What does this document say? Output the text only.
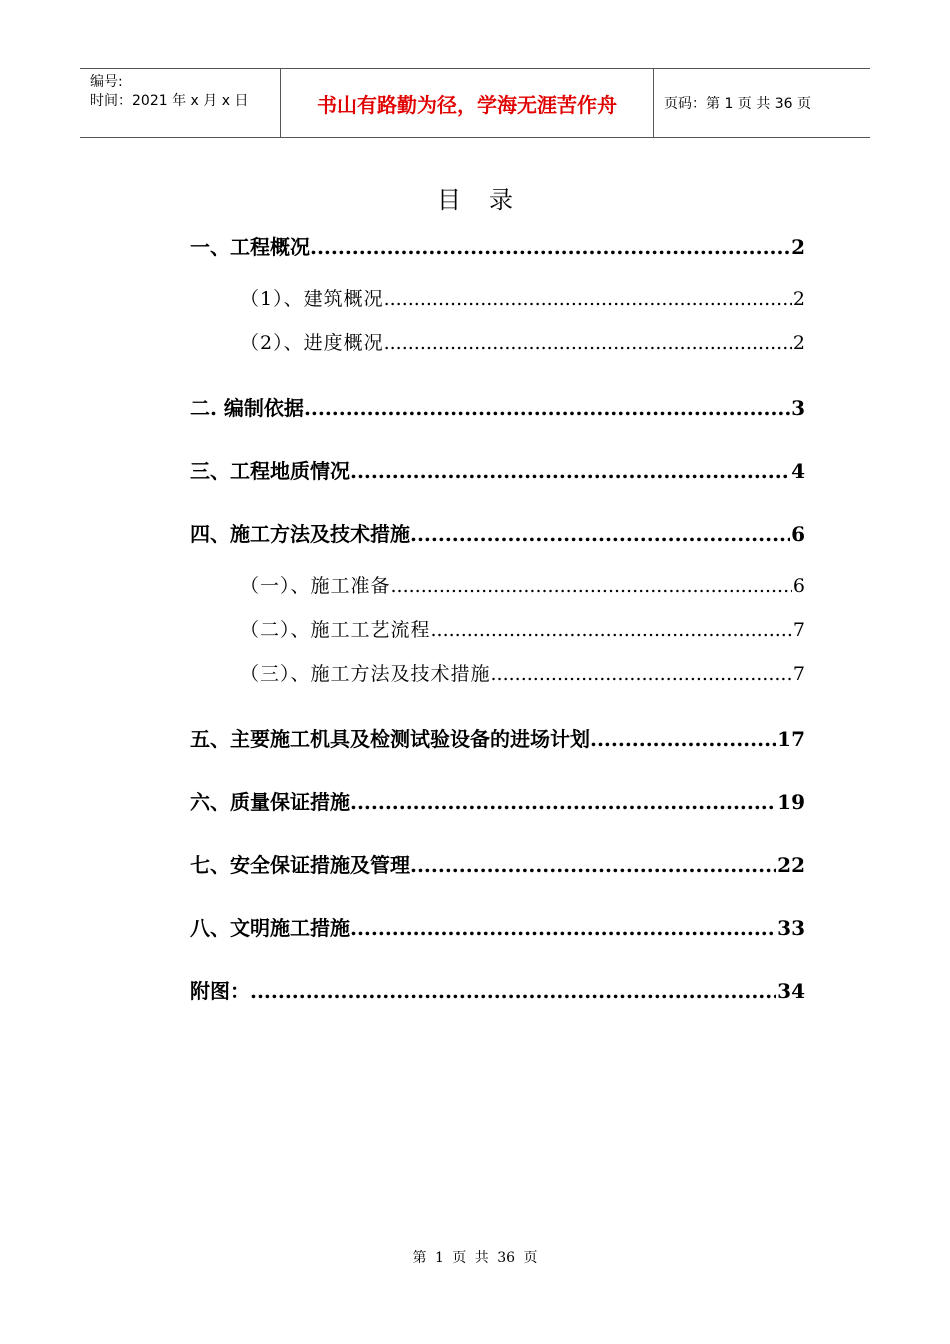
编号:
时间：2021 年 x 月 x 日	书山有路勤为径，学海无涯苦作舟	页码：第 1 页 共 36 页
目录
一、工程概况 .....	2
（1）、建筑概况 .....	2
（2）、进度概况 .....	2
二. 编制依据 .....	3
三、工程地质情况 .....	4
四、施工方法及技术措施 .....	6
（一）、施工准备 .....	6
（二）、施工工艺流程 .....	7
（三）、施工方法及技术措施 .....	7
五、主要施工机具及检测试验设备的进场计划 .....	17
六、质量保证措施 .....	19
七、安全保证措施及管理 .....	22
八、文明施工措施 .....	33
附图： .....	34
第 1 页 共 36 页
